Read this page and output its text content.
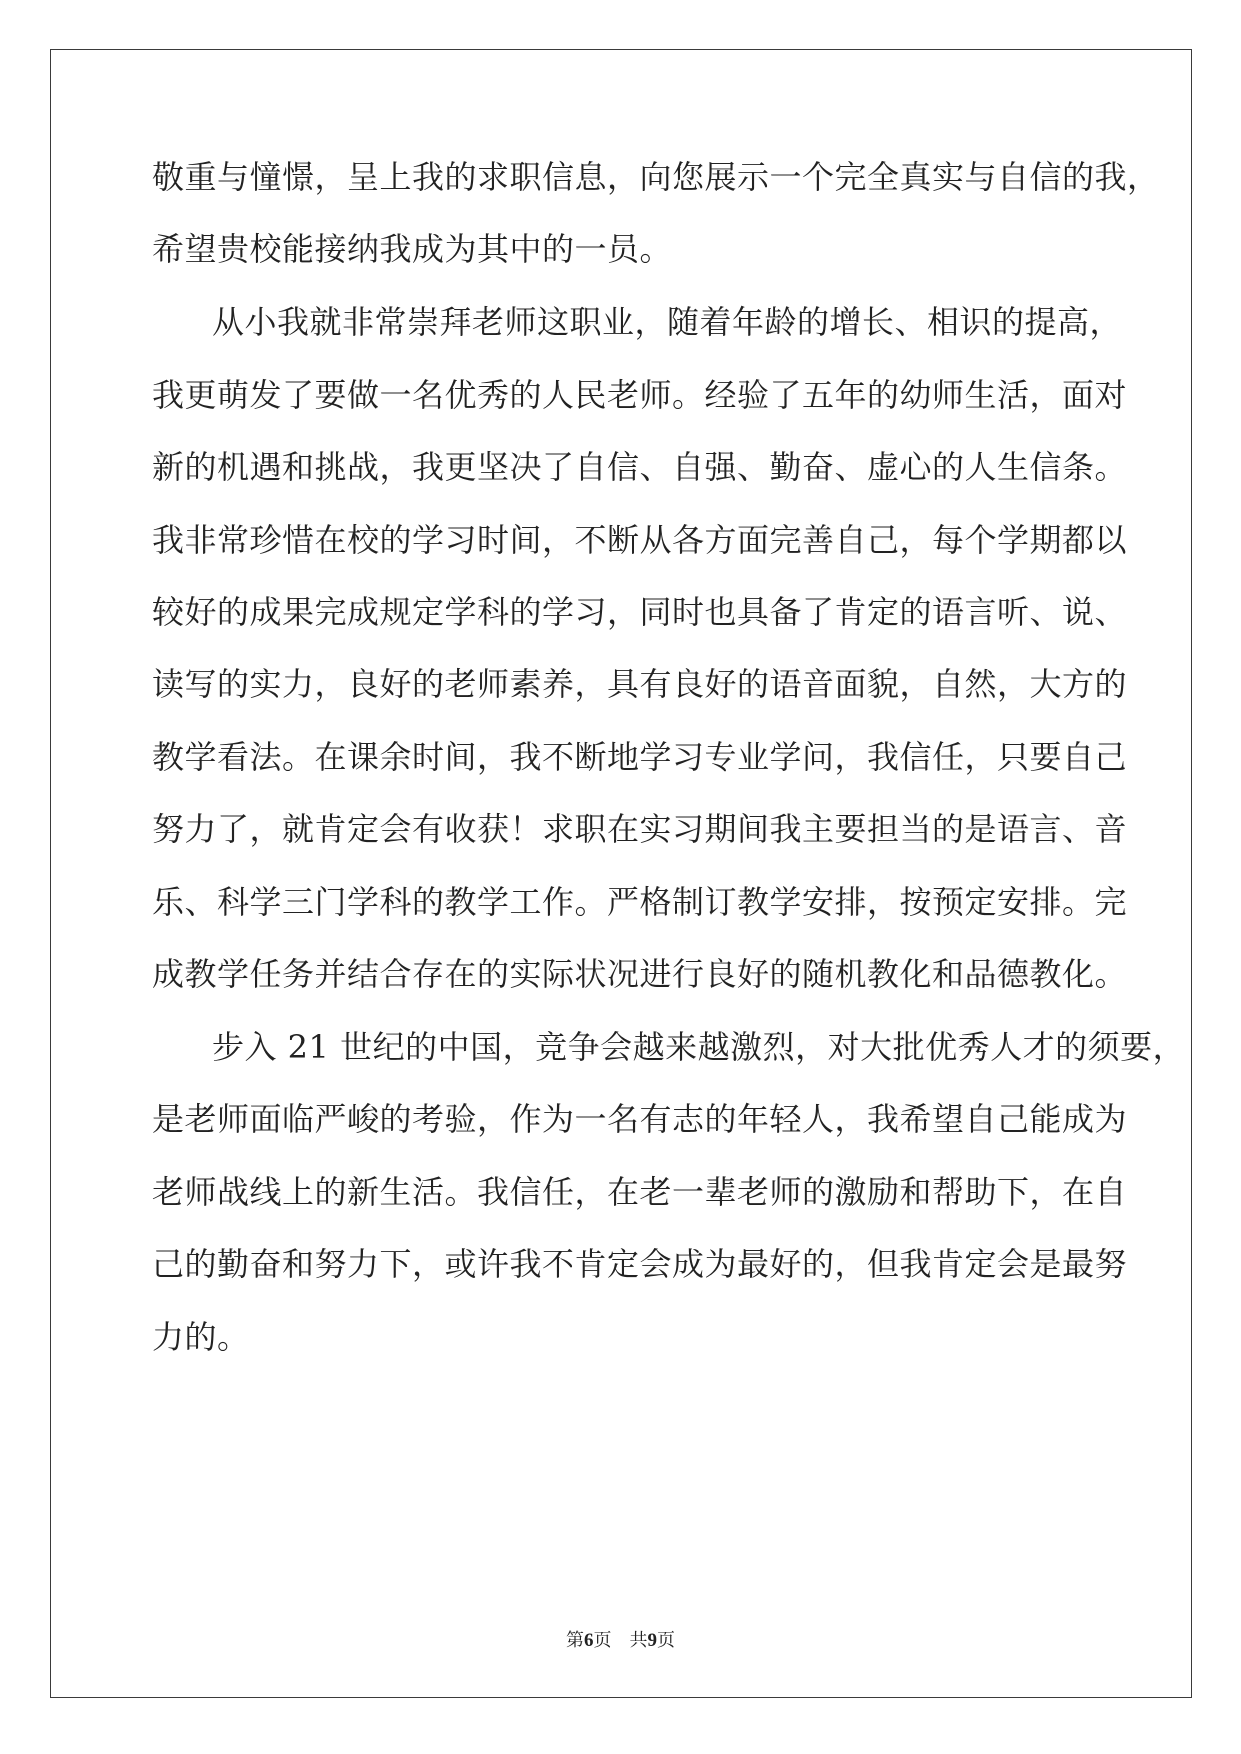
敬重与憧憬，呈上我的求职信息，向您展示一个完全真实与自信的我，
希望贵校能接纳我成为其中的一员。
从小我就非常崇拜老师这职业，随着年龄的增长、相识的提高，
我更萌发了要做一名优秀的人民老师。经验了五年的幼师生活，面对
新的机遇和挑战，我更坚决了自信、自强、勤奋、虚心的人生信条。
我非常珍惜在校的学习时间，不断从各方面完善自己，每个学期都以
较好的成果完成规定学科的学习，同时也具备了肯定的语言听、说、
读写的实力，良好的老师素养，具有良好的语音面貌，自然，大方的
教学看法。在课余时间，我不断地学习专业学问，我信任，只要自己
努力了，就肯定会有收获！求职在实习期间我主要担当的是语言、音
乐、科学三门学科的教学工作。严格制订教学安排，按预定安排。完
成教学任务并结合存在的实际状况进行良好的随机教化和品德教化。
步入 21 世纪的中国，竞争会越来越激烈，对大批优秀人才的须要，
是老师面临严峻的考验，作为一名有志的年轻人，我希望自己能成为
老师战线上的新生活。我信任，在老一辈老师的激励和帮助下，在自
己的勤奋和努力下，或许我不肯定会成为最好的，但我肯定会是最努
力的。
第6页 共9页
